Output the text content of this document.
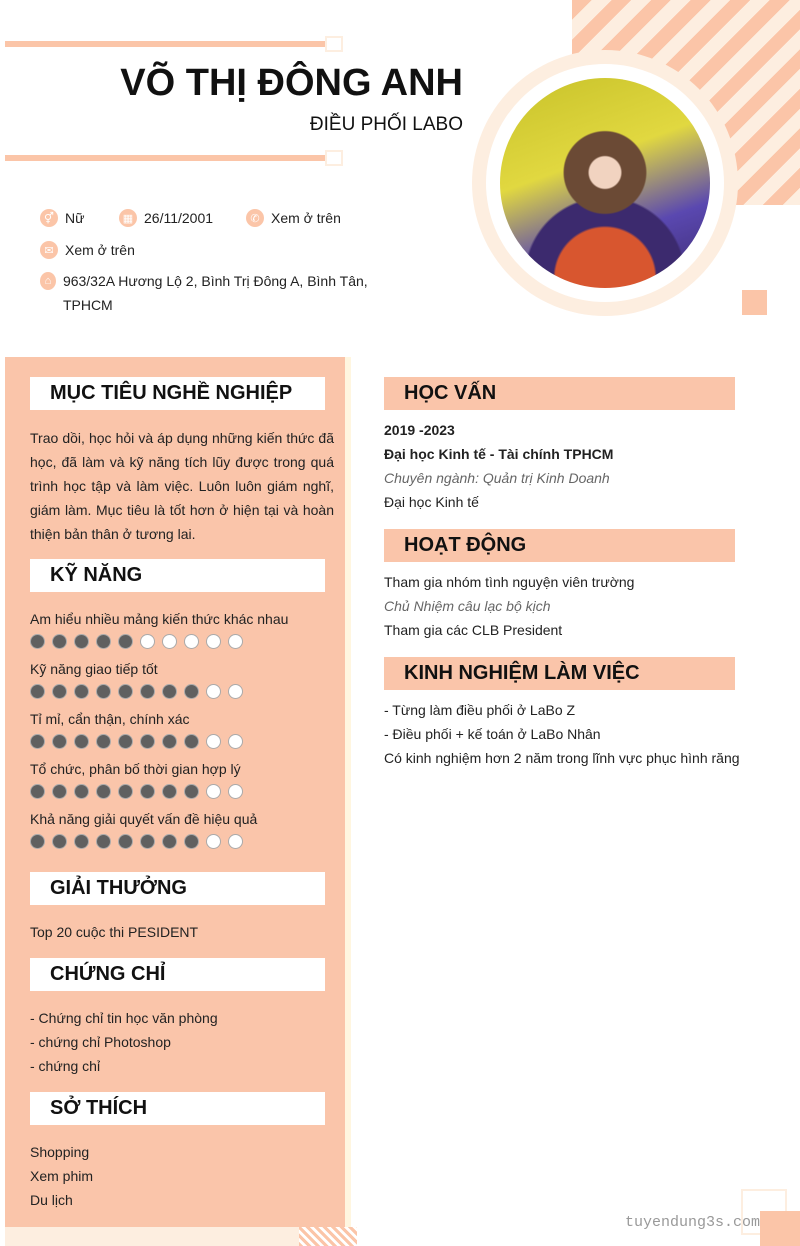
VÕ THỊ ĐÔNG ANH
ĐIỀU PHỐI LABO
⚥ Nữ	▦ 26/11/2001	✆ Xem ở trên
✉ Xem ở trên
⌂ 963/32A Hương Lộ 2, Bình Trị Đông A, Bình Tân, TPHCM
MỤC TIÊU NGHỀ NGHIỆP
Trao dồi, học hỏi và áp dụng những kiến thức đã học, đã làm và kỹ năng tích lũy được trong quá trình học tập và làm việc. Luôn luôn giám nghĩ, giám làm. Mục tiêu là tốt hơn ở hiện tại và hoàn thiện bản thân ở tương lai.
KỸ NĂNG
Am hiểu nhiều mảng kiến thức khác nhau
Kỹ năng giao tiếp tốt
Tỉ mỉ, cẩn thận, chính xác
Tổ chức, phân bố thời gian hợp lý
Khả năng giải quyết vấn đề hiệu quả
GIẢI THƯỞNG
Top 20 cuộc thi PESIDENT
CHỨNG CHỈ
- Chứng chỉ tin học văn phòng
- chứng chỉ Photoshop
- chứng chỉ
SỞ THÍCH
Shopping
Xem phim
Du lịch
HỌC VẤN
2019 -2023
Đại học Kinh tế - Tài chính TPHCM
Chuyên ngành: Quản trị Kinh Doanh
Đại học Kinh tế
HOẠT ĐỘNG
Tham gia nhóm tình nguyện viên trường
Chủ Nhiệm câu lạc bộ kịch
Tham gia các CLB President
KINH NGHIỆM LÀM VIỆC
- Từng làm điều phối ở LaBo Z
- Điều phối + kế toán ở LaBo Nhân
Có kinh nghiệm hơn 2 năm trong lĩnh vực phục hình răng
tuyendung3s.com
